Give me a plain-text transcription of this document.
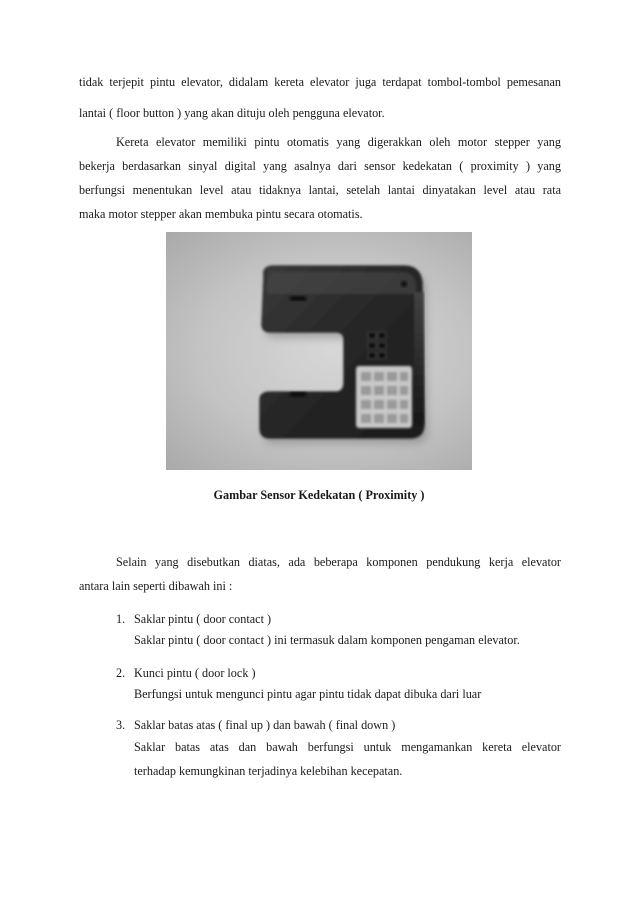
tidak terjepit pintu elevator, didalam kereta elevator juga terdapat tombol-tombol pemesanan
lantai ( floor button ) yang akan dituju oleh pengguna elevator.
Kereta elevator memiliki pintu otomatis yang digerakkan oleh motor stepper yang
bekerja berdasarkan sinyal digital yang asalnya dari sensor kedekatan ( proximity ) yang
berfungsi menentukan level atau tidaknya lantai, setelah lantai dinyatakan level atau rata
maka motor stepper akan membuka pintu secara otomatis.
Gambar Sensor Kedekatan ( Proximity )
Selain yang disebutkan diatas, ada beberapa komponen pendukung kerja elevator
antara lain seperti dibawah ini :
1. Saklar pintu ( door contact )
Saklar pintu ( door contact ) ini termasuk dalam komponen pengaman elevator.
2. Kunci pintu ( door lock )
Berfungsi untuk mengunci pintu agar pintu tidak dapat dibuka dari luar
3. Saklar batas atas ( final up ) dan bawah ( final down )
Saklar batas atas dan bawah berfungsi untuk mengamankan kereta elevator
terhadap kemungkinan terjadinya kelebihan kecepatan.
